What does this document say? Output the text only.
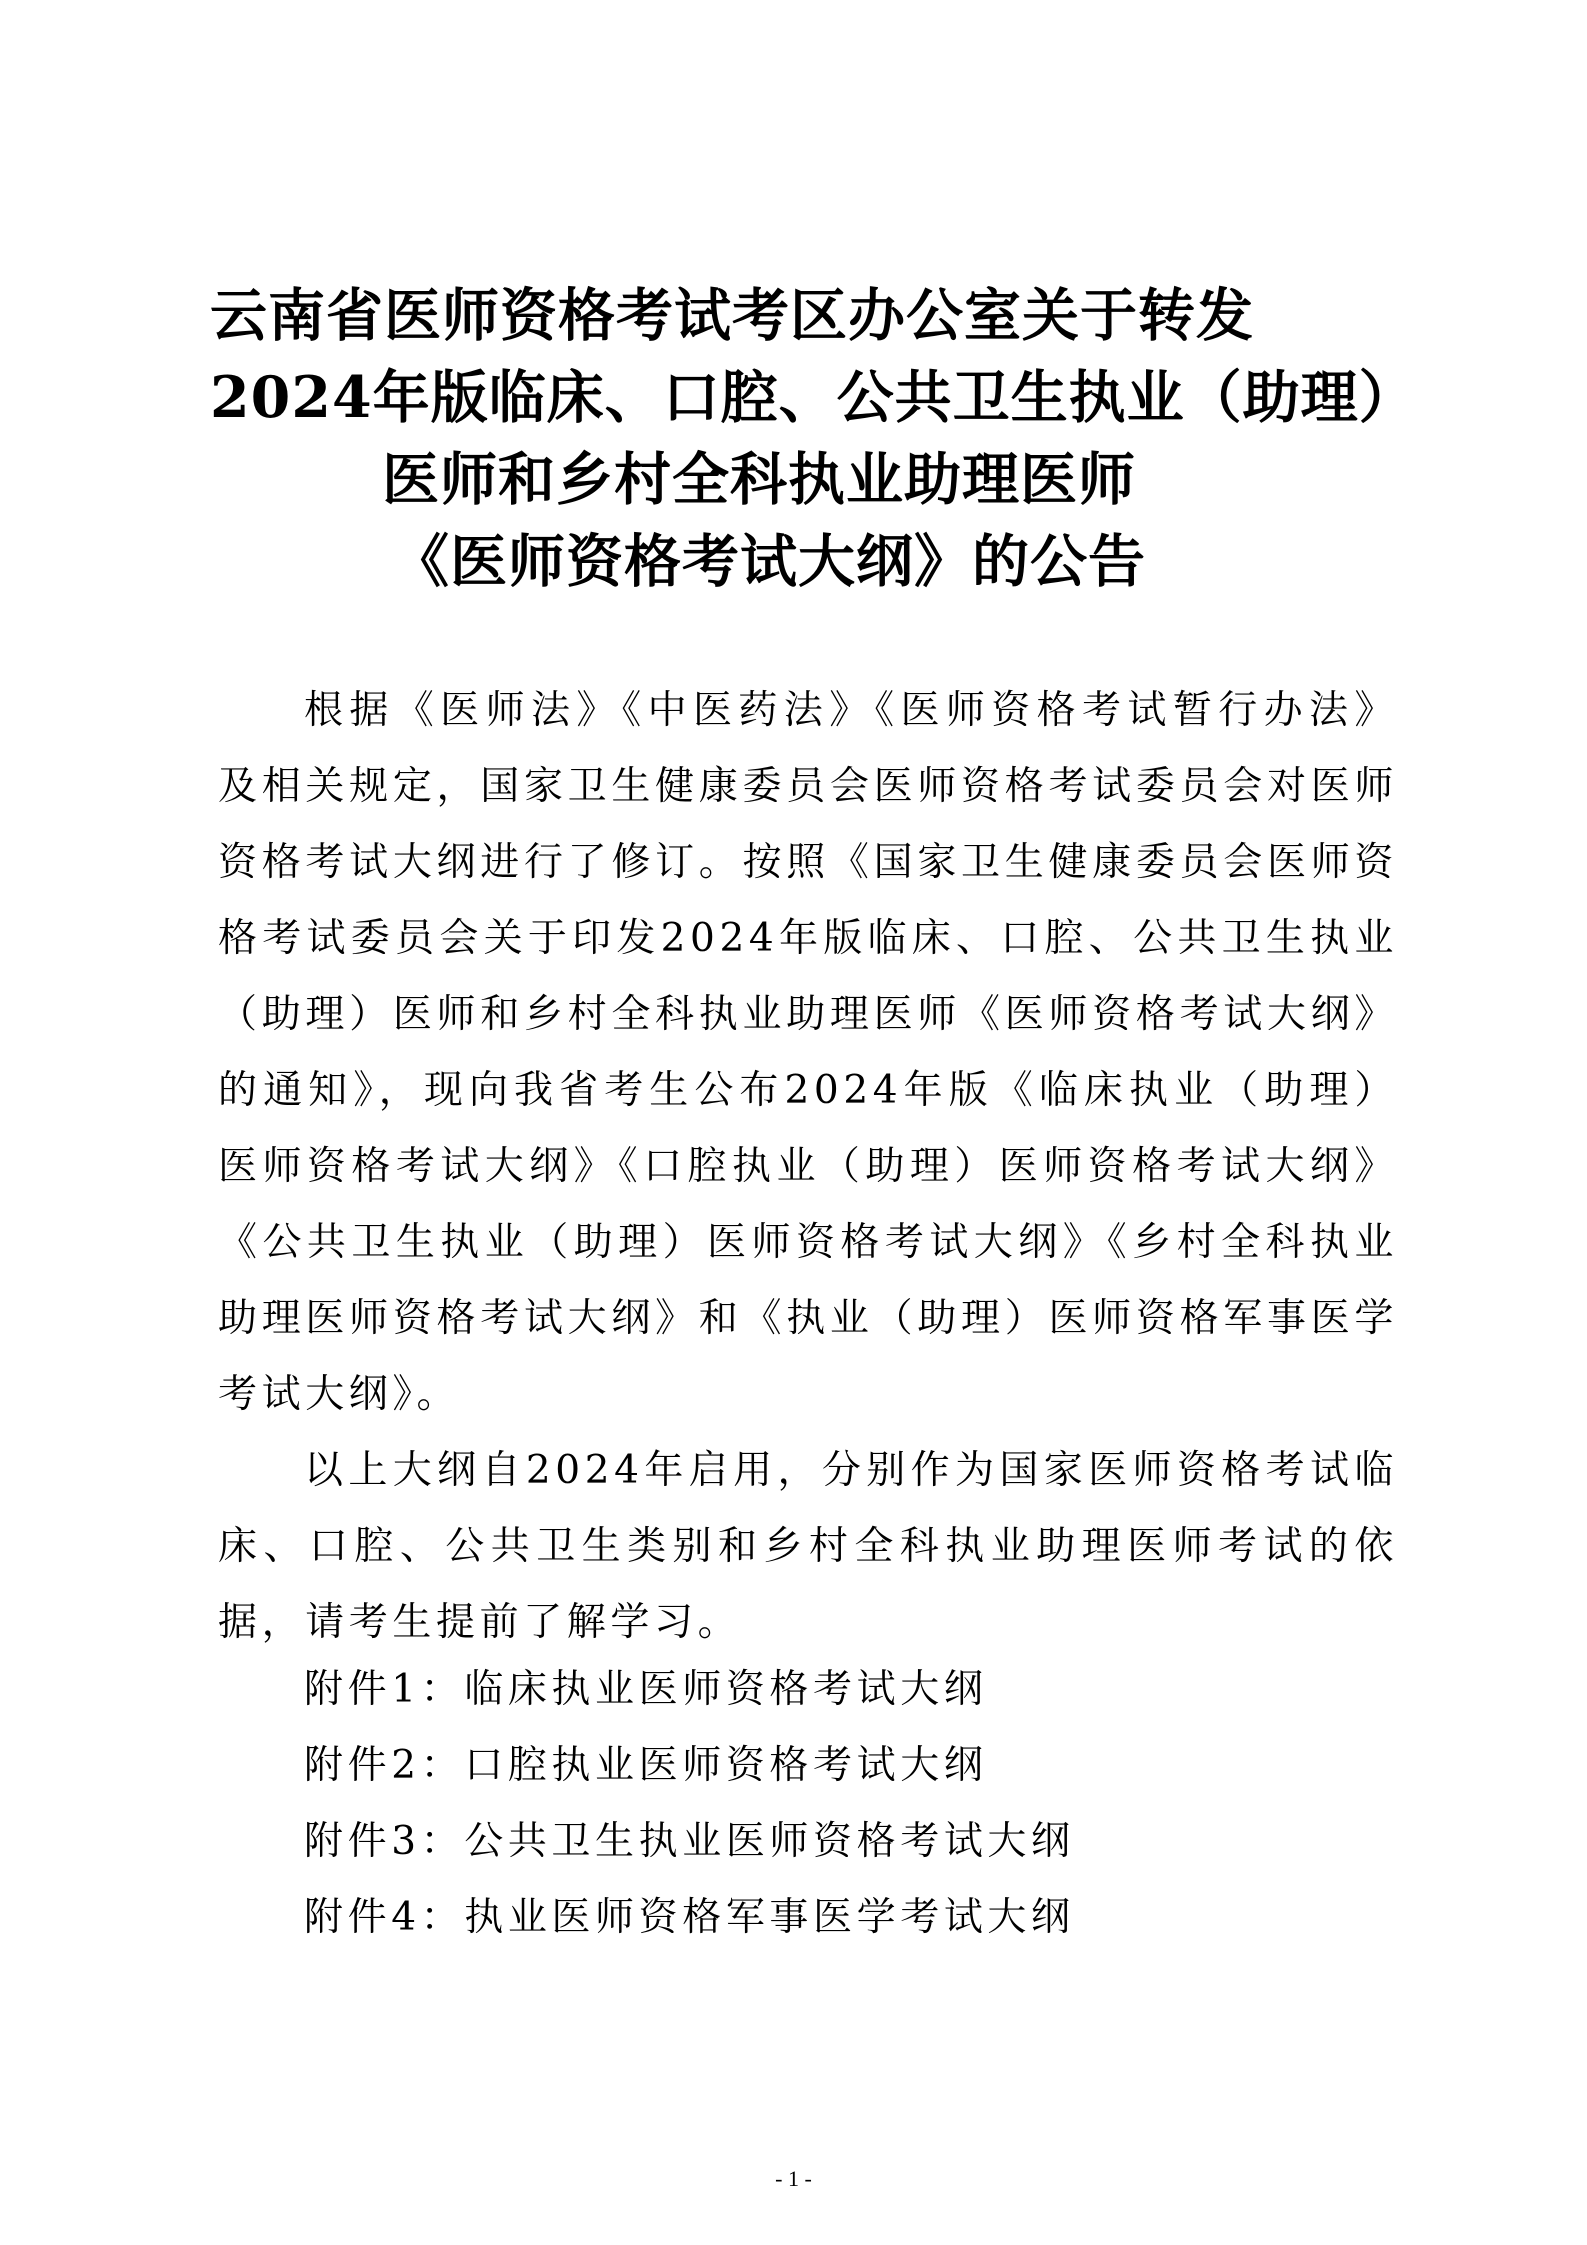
云南省医师资格考试考区办公室关于转发
2024年版临床、口腔、公共卫生执业（助理）
医师和乡村全科执业助理医师
《医师资格考试大纲》的公告

根据《医师法》《中医药法》《医师资格考试暂行办法》及相关规定，国家卫生健康委员会医师资格考试委员会对医师资格考试大纲进行了修订。按照《国家卫生健康委员会医师资格考试委员会关于印发2024年版临床、口腔、公共卫生执业（助理）医师和乡村全科执业助理医师《医师资格考试大纲》的通知》，现向我省考生公布2024年版《临床执业（助理）医师资格考试大纲》《口腔执业（助理）医师资格考试大纲》《公共卫生执业（助理）医师资格考试大纲》《乡村全科执业助理医师资格考试大纲》和《执业（助理）医师资格军事医学考试大纲》。

以上大纲自2024年启用，分别作为国家医师资格考试临床、口腔、公共卫生类别和乡村全科执业助理医师考试的依据，请考生提前了解学习。

附件1：临床执业医师资格考试大纲
附件2：口腔执业医师资格考试大纲
附件3：公共卫生执业医师资格考试大纲
附件4：执业医师资格军事医学考试大纲
- 1 -
